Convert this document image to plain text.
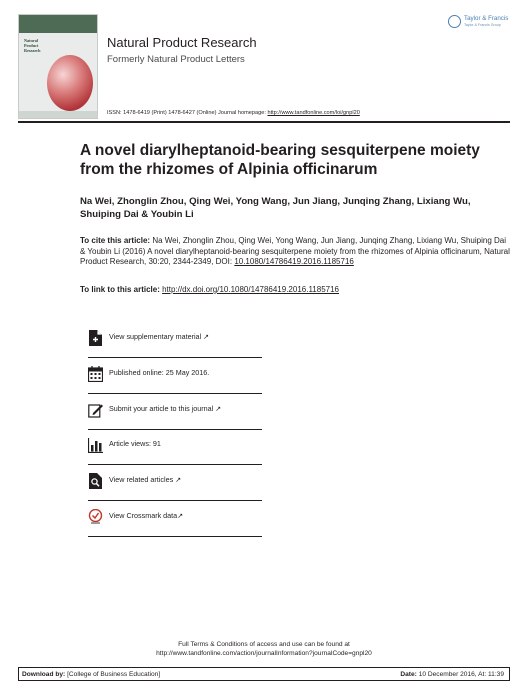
Natural
Product
Research
Natural Product Research
Formerly Natural Product Letters
ISSN: 1478-6419 (Print) 1478-6427 (Online) Journal homepage: http://www.tandfonline.com/loi/gnpl20
Taylor & Francis
Taylor & Francis Group
A novel diarylheptanoid-bearing sesquiterpene moiety from the rhizomes of Alpinia officinarum
Na Wei, Zhonglin Zhou, Qing Wei, Yong Wang, Jun Jiang, Junqing Zhang, Lixiang Wu, Shuiping Dai & Youbin Li
To cite this article: Na Wei, Zhonglin Zhou, Qing Wei, Yong Wang, Jun Jiang, Junqing Zhang, Lixiang Wu, Shuiping Dai & Youbin Li (2016) A novel diarylheptanoid-bearing sesquiterpene moiety from the rhizomes of Alpinia officinarum, Natural Product Research, 30:20, 2344-2349, DOI: 10.1080/14786419.2016.1185716
To link to this article: http://dx.doi.org/10.1080/14786419.2016.1185716
View supplementary material ↗
Published online: 25 May 2016.
Submit your article to this journal ↗
Article views: 91
View related articles ↗
View Crossmark data↗
Full Terms & Conditions of access and use can be found at
http://www.tandfonline.com/action/journalInformation?journalCode=gnpl20
Download by: [College of Business Education]	Date: 10 December 2016, At: 11:39
